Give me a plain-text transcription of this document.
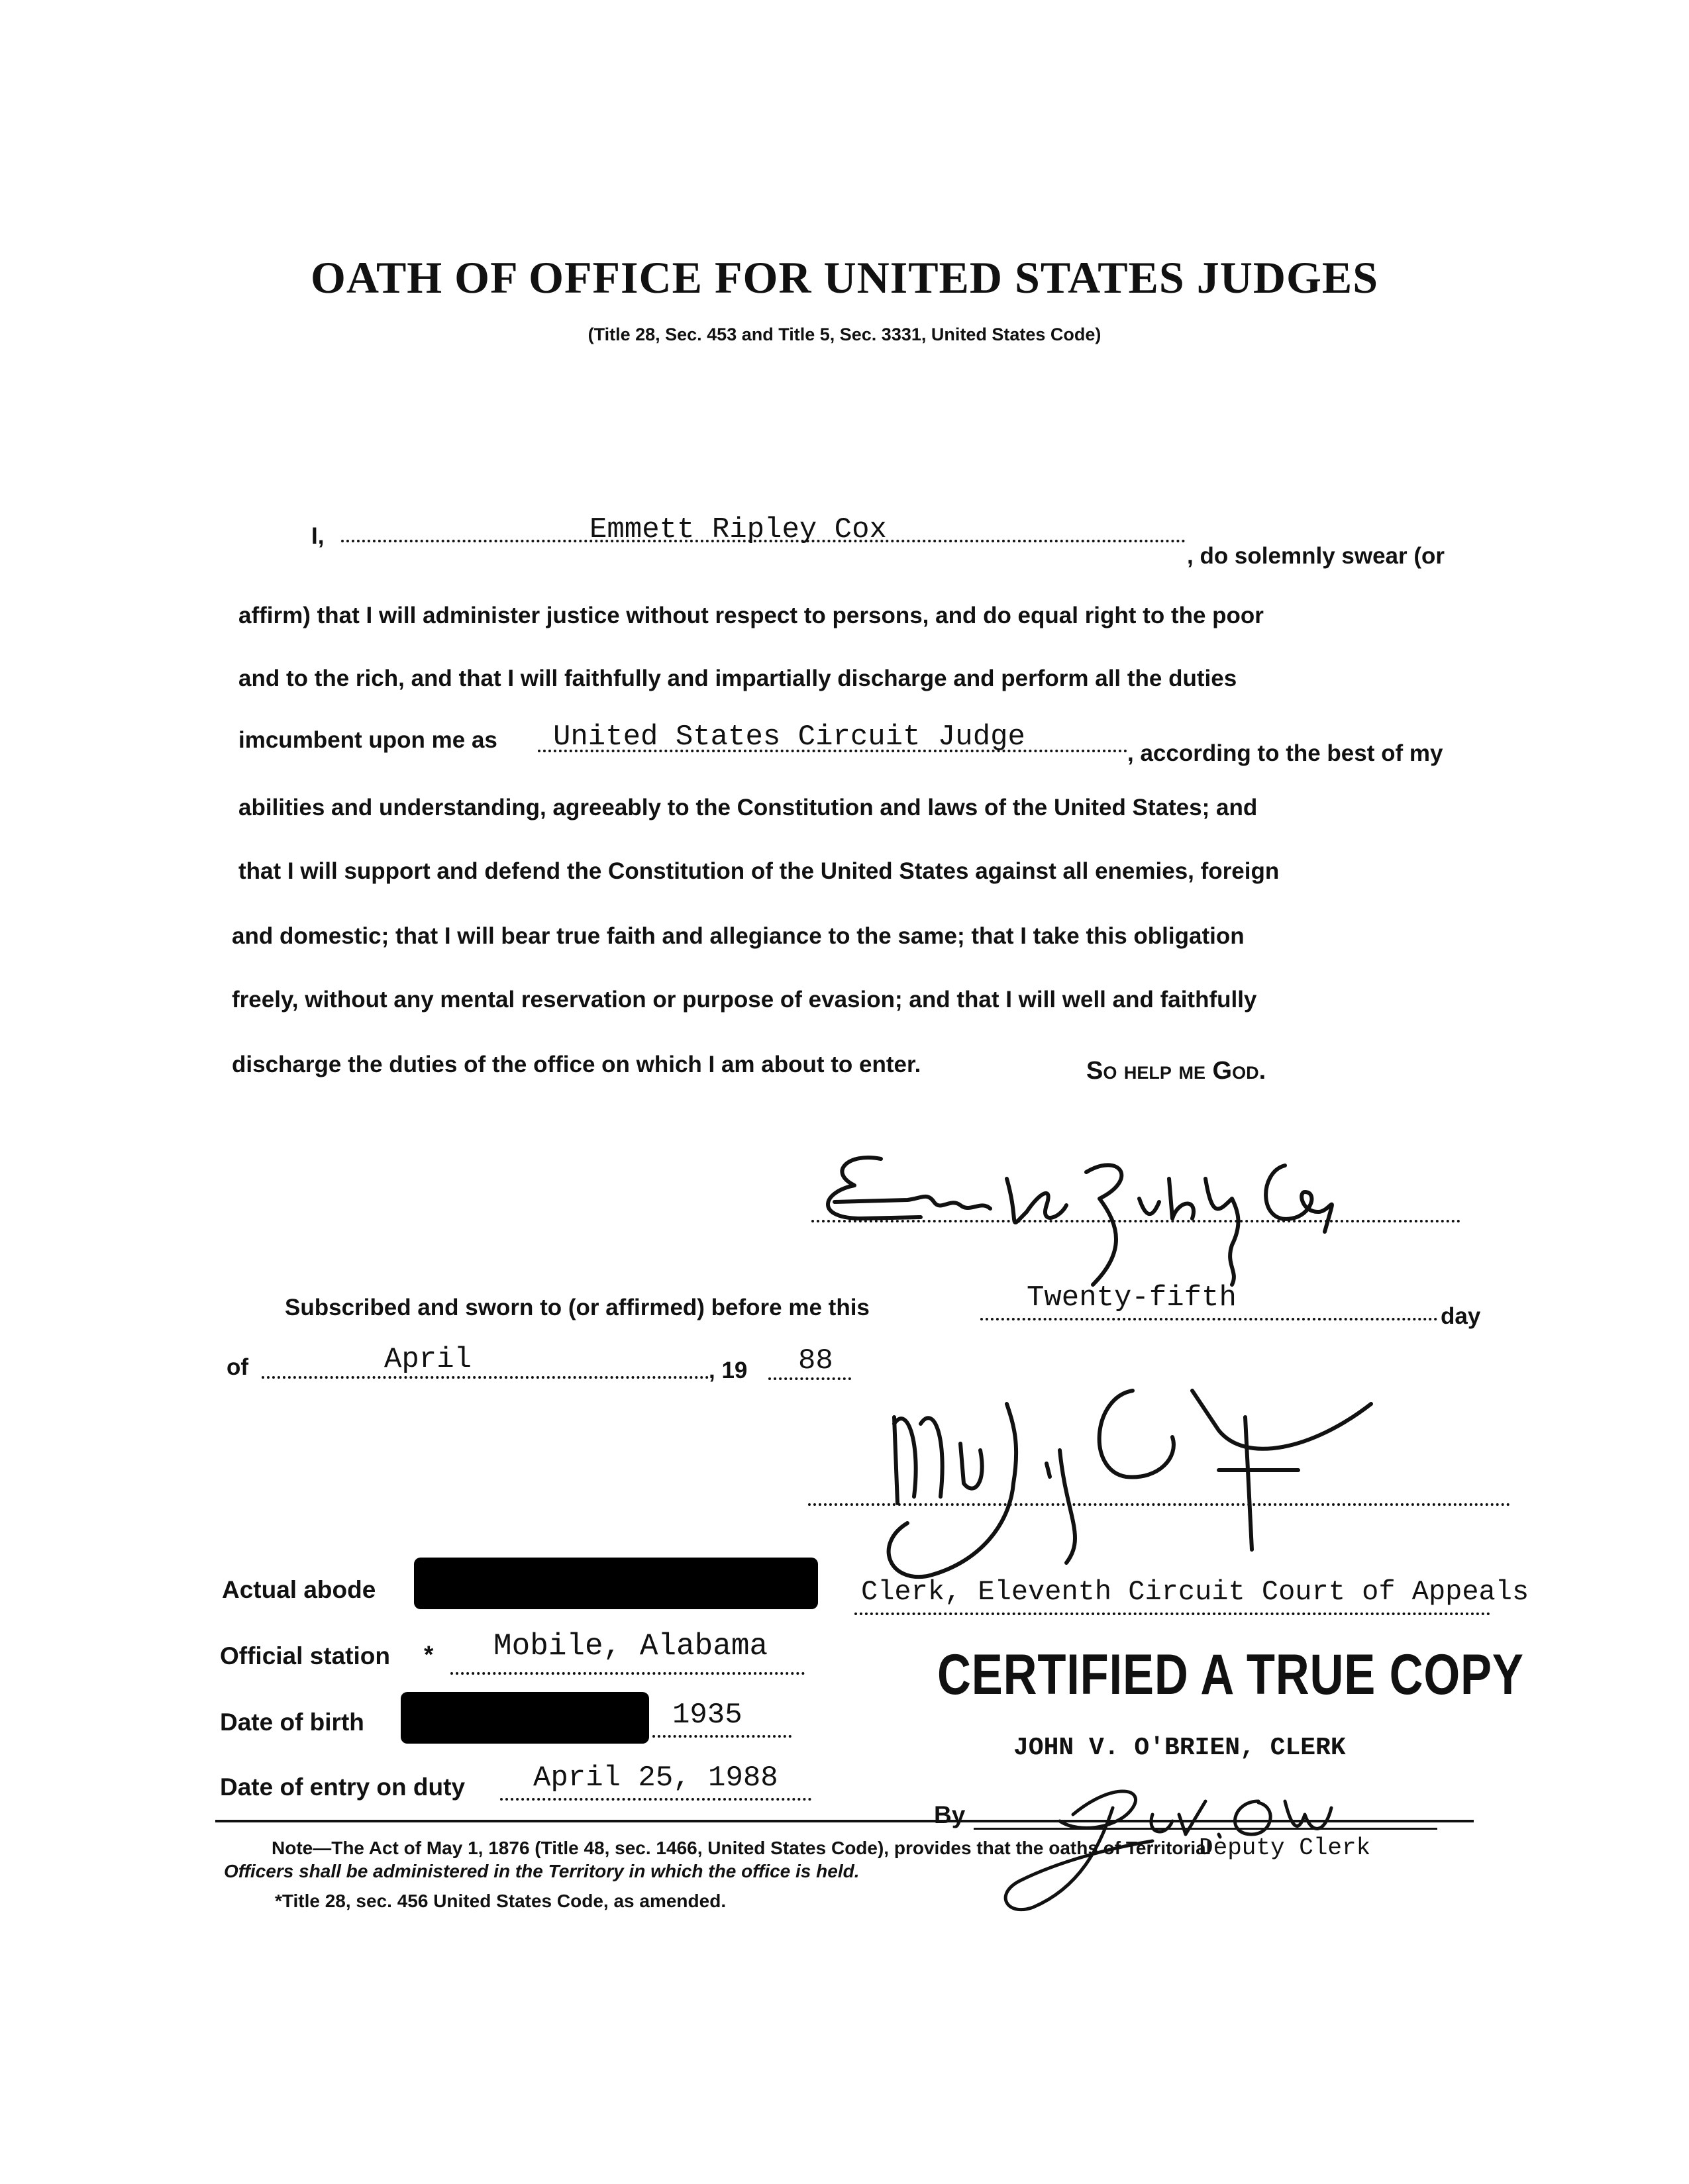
OATH OF OFFICE FOR UNITED STATES JUDGES
(Title 28, Sec. 453 and Title 5, Sec. 3331, United States Code)
I,	Emmett Ripley Cox
, do solemnly swear (or
affirm) that I will administer justice without respect to persons, and do equal right to the poor
and to the rich, and that I will faithfully and impartially discharge and perform all the duties
imcumbent upon me as United States Circuit Judge	, according to the best of my
abilities and understanding, agreeably to the Constitution and laws of the United States; and
that I will support and defend the Constitution of the United States against all enemies, foreign
and domestic; that I will bear true faith and allegiance to the same; that I take this obligation
freely, without any mental reservation or purpose of evasion; and that I will well and faithfully
discharge the duties of the office on which I am about to enter.	So help me God.
Subscribed and sworn to (or affirmed) before me this	Twenty-fifth
day
of	April	, 19 88
Clerk, Eleventh Circuit Court of Appeals
Actual abode
Official station * Mobile, Alabama
Date of birth	1935
Date of entry on duty April 25, 1988
CERTIFIED A TRUE COPY
JOHN V. O'BRIEN, CLERK
By
Deputy Clerk
Note—The Act of May 1, 1876 (Title 48, sec. 1466, United States Code), provides that the oaths of Territorial
Officers shall be administered in the Territory in which the office is held.
*Title 28, sec. 456 United States Code, as amended.
